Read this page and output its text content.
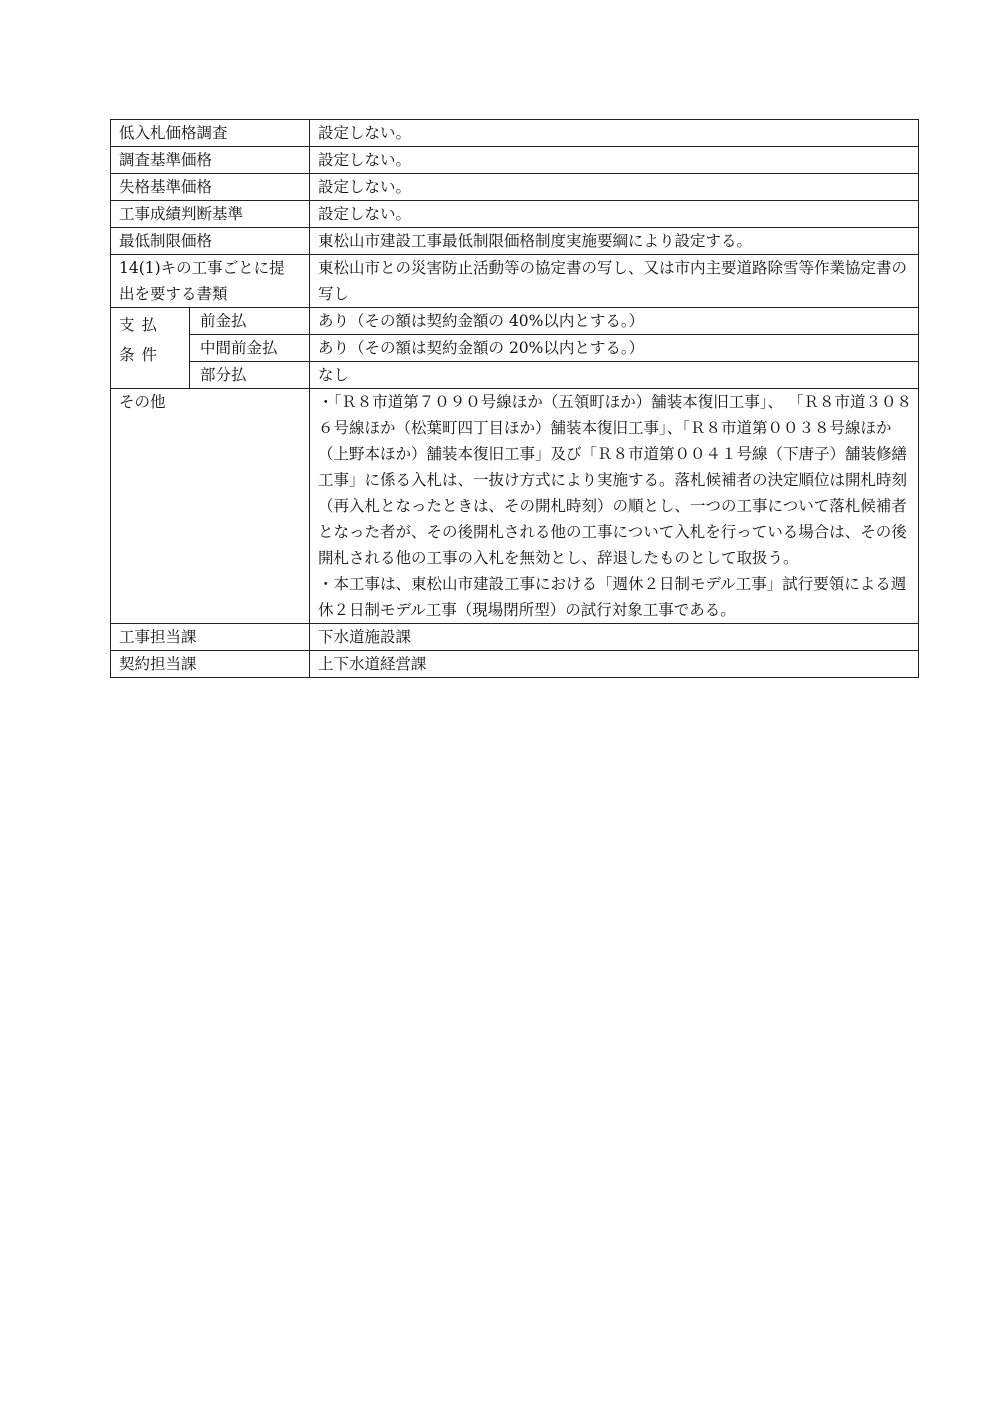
低入札価格調査		設定しない。
調査基準価格		設定しない。
失格基準価格		設定しない。
工事成績判断基準		設定しない。
最低制限価格		東松山市建設工事最低制限価格制度実施要綱により設定する。
14(1)キの工事ごとに提出を要する書類		東松山市との災害防止活動等の協定書の写し、又は市内主要道路除雪等作業協定書の写し
支払条件	前金払	あり（その額は契約金額の 40%以内とする。）
	中間前金払	あり（その額は契約金額の 20%以内とする。）
	部分払	なし
その他		・「Ｒ８市道第７０９０号線ほか（五領町ほか）舗装本復旧工事」、 「Ｒ８市道３０８６号線ほか（松葉町四丁目ほか）舗装本復旧工事」、「Ｒ８市道第００３８号線ほか（上野本ほか）舗装本復旧工事」及び「Ｒ８市道第００４１号線（下唐子）舗装修繕工事」に係る入札は、一抜け方式により実施する。落札候補者の決定順位は開札時刻（再入札となったときは、その開札時刻）の順とし、一つの工事について落札候補者となった者が、その後開札される他の工事について入札を行っている場合は、その後開札される他の工事の入札を無効とし、辞退したものとして取扱う。
・本工事は、東松山市建設工事における「週休２日制モデル工事」試行要領による週休２日制モデル工事（現場閉所型）の試行対象工事である。

工事担当課		下水道施設課
契約担当課		上下水道経営課
